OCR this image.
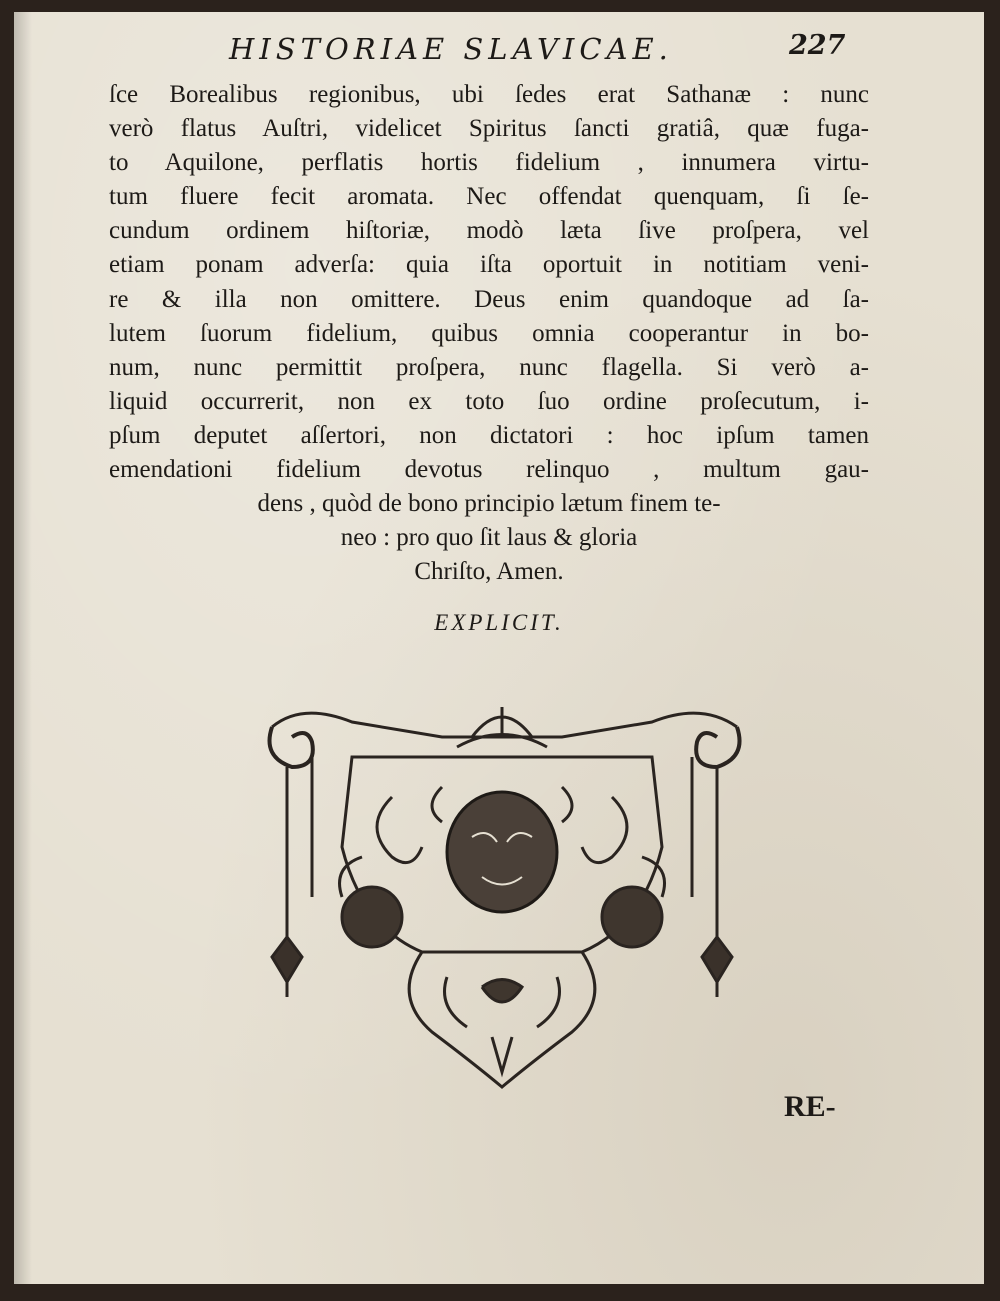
HISTORIAE SLAVICAE.	227
ſce Borealibus regionibus, ubi ſedes erat Sathanæ : nunc
verò flatus Auſtri, videlicet Spiritus ſancti gratiâ, quæ fuga-
to Aquilone, perflatis hortis fidelium , innumera virtu-
tum fluere fecit aromata. Nec offendat quenquam, ſi ſe-
cundum ordinem hiſtoriæ, modò læta ſive proſpera, vel
etiam ponam adverſa: quia iſta oportuit in notitiam veni-
re & illa non omittere. Deus enim quandoque ad ſa-
lutem ſuorum fidelium, quibus omnia cooperantur in bo-
num, nunc permittit proſpera, nunc flagella. Si verò a-
liquid occurrerit, non ex toto ſuo ordine proſecutum, i-
pſum deputet aſſertori, non dictatori : hoc ipſum tamen
emendationi fidelium devotus relinquo , multum gau-
dens , quòd de bono principio lætum finem te-
neo : pro quo ſit laus & gloria
Chriſto, Amen.
EXPLICIT.
RE-
